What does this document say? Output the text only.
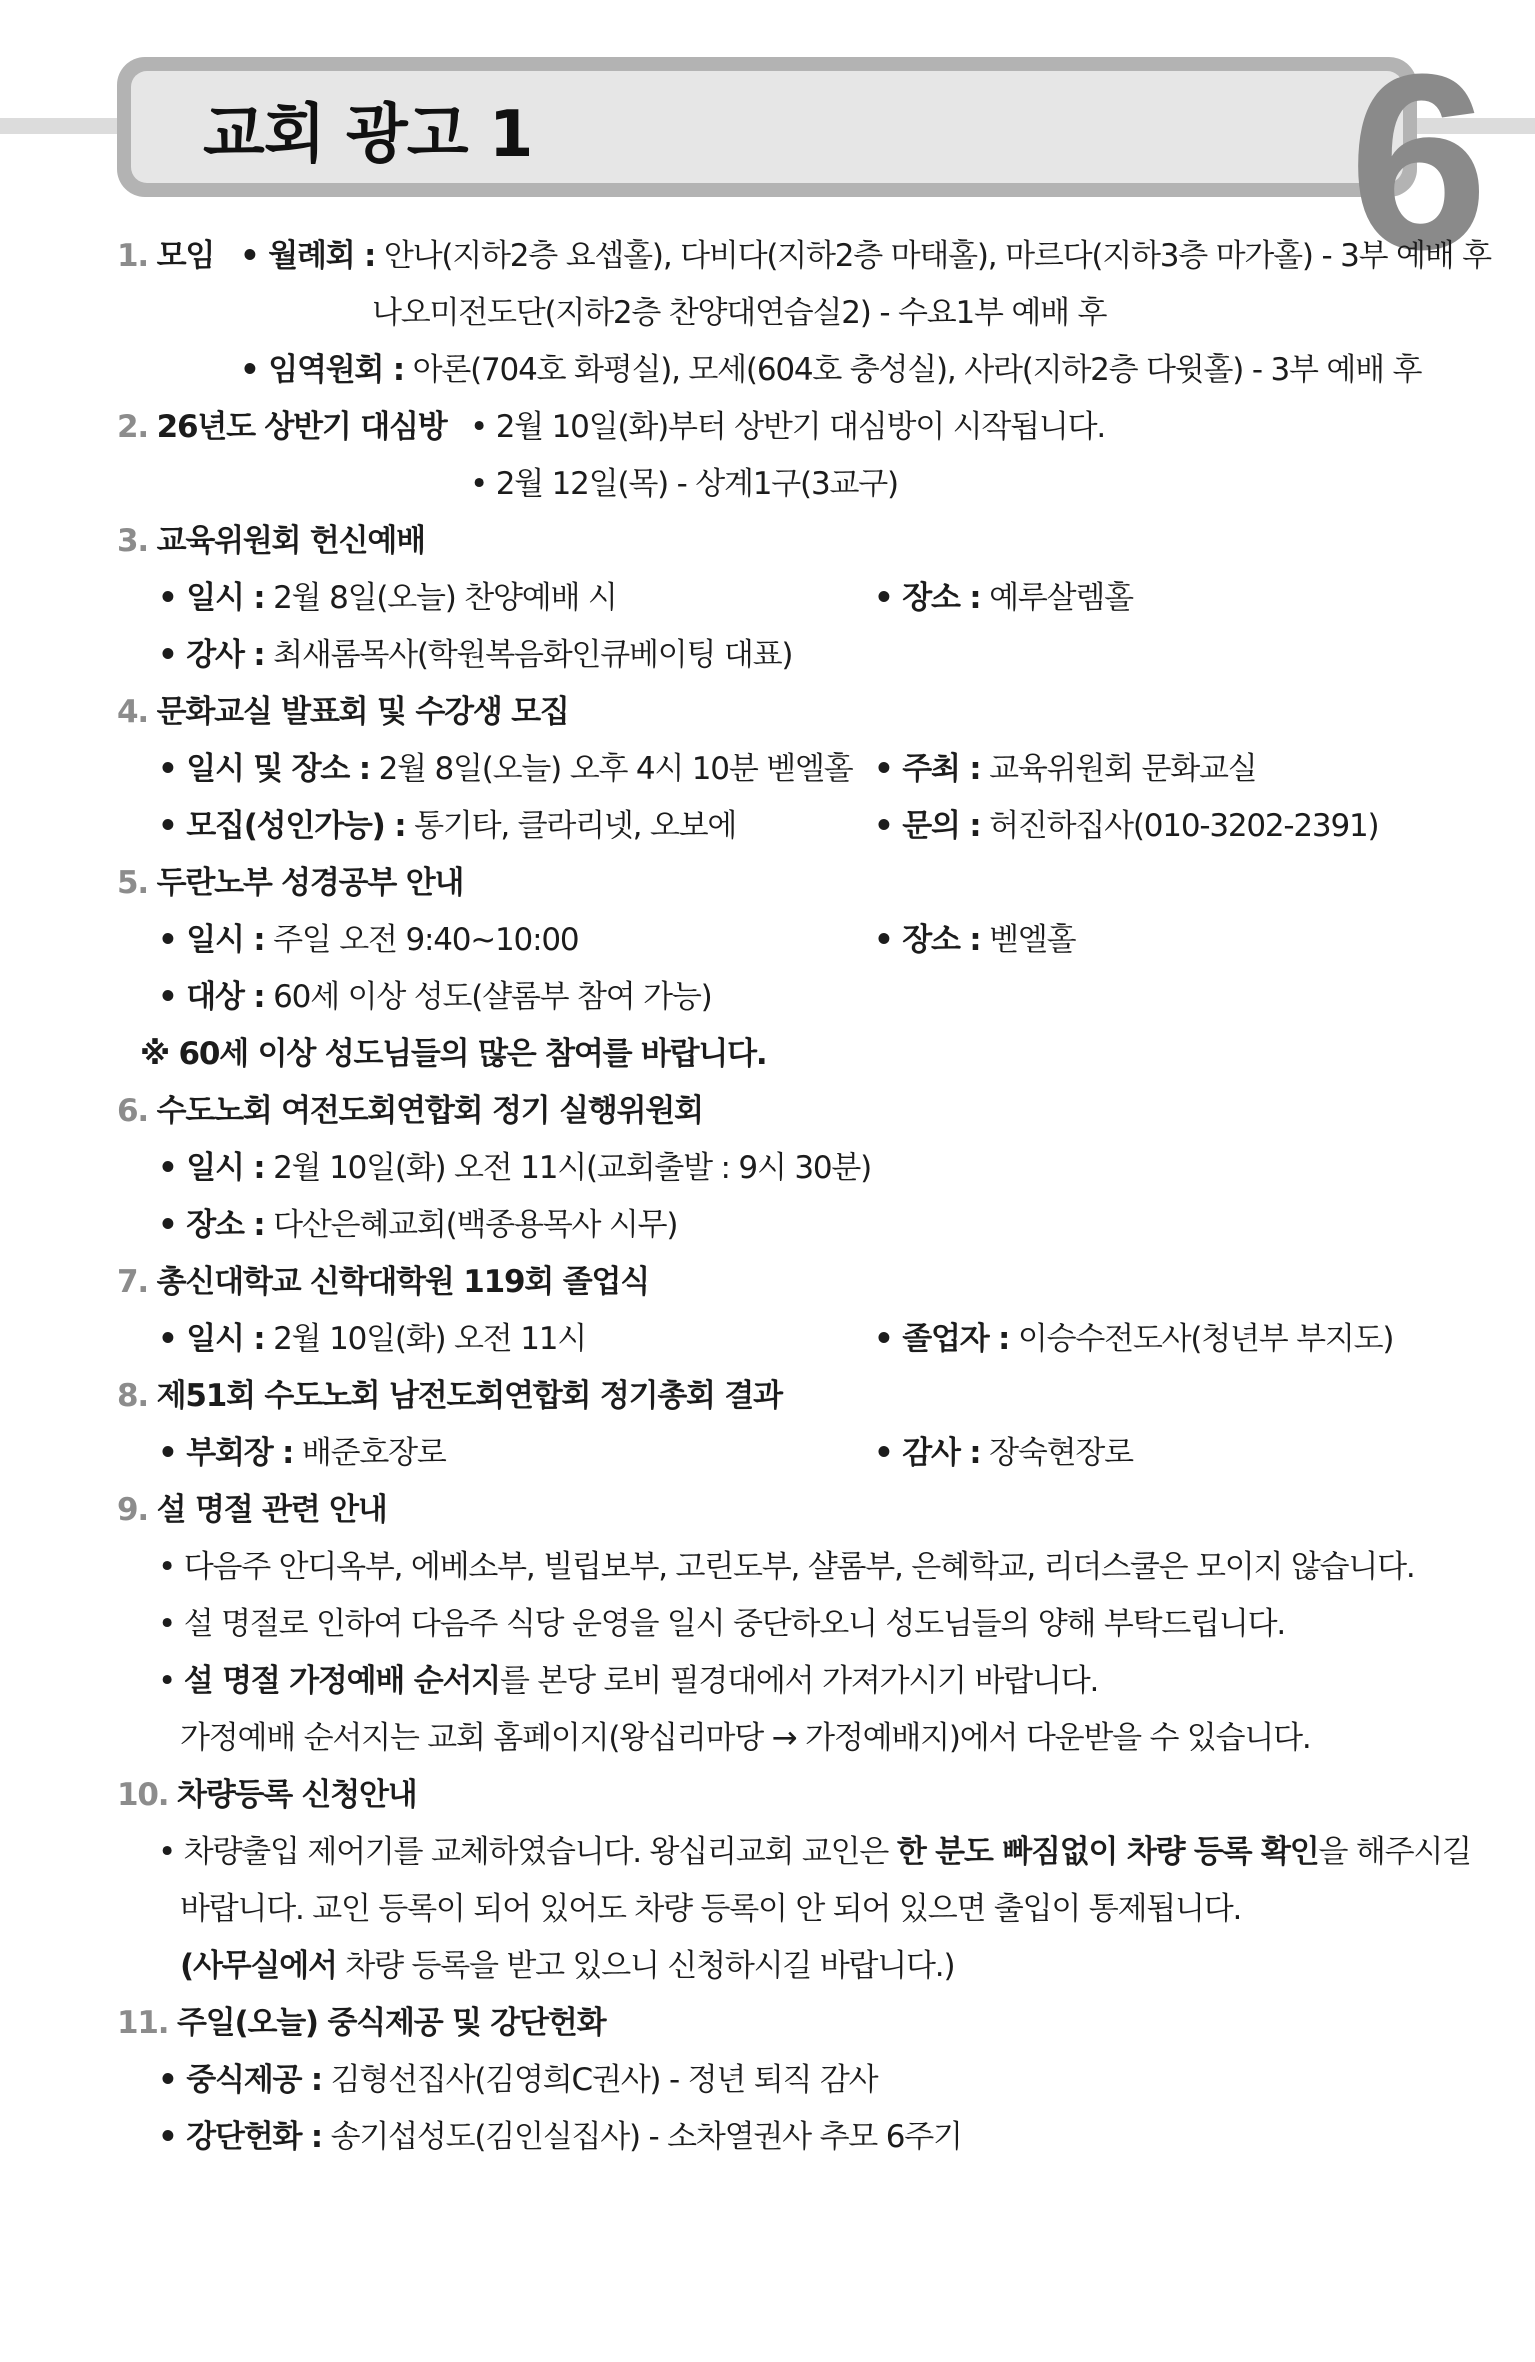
교회 광고 1	6
1. 모임 • 월례회 : 안나(지하2층 요셉홀), 다비다(지하2층 마태홀), 마르다(지하3층 마가홀) - 3부 예배 후
나오미전도단(지하2층 찬양대연습실2) - 수요1부 예배 후
• 임역원회 : 아론(704호 화평실), 모세(604호 충성실), 사라(지하2층 다윗홀) - 3부 예배 후
2. 26년도 상반기 대심방 • 2월 10일(화)부터 상반기 대심방이 시작됩니다.
• 2월 12일(목) - 상계1구(3교구)
3. 교육위원회 헌신예배
• 일시 : 2월 8일(오늘) 찬양예배 시	• 장소 : 예루살렘홀
• 강사 : 최새롬목사(학원복음화인큐베이팅 대표)
4. 문화교실 발표회 및 수강생 모집
• 일시 및 장소 : 2월 8일(오늘) 오후 4시 10분 벧엘홀 • 주최 : 교육위원회 문화교실
• 모집(성인가능) : 통기타, 클라리넷, 오보에	• 문의 : 허진하집사(010-3202-2391)
5. 두란노부 성경공부 안내
• 일시 : 주일 오전 9:40~10:00	• 장소 : 벧엘홀
• 대상 : 60세 이상 성도(샬롬부 참여 가능)
※ 60세 이상 성도님들의 많은 참여를 바랍니다.
6. 수도노회 여전도회연합회 정기 실행위원회
• 일시 : 2월 10일(화) 오전 11시(교회출발 : 9시 30분)
• 장소 : 다산은혜교회(백종용목사 시무)
7. 총신대학교 신학대학원 119회 졸업식
• 일시 : 2월 10일(화) 오전 11시	• 졸업자 : 이승수전도사(청년부 부지도)
8. 제51회 수도노회 남전도회연합회 정기총회 결과
• 부회장 : 배준호장로	• 감사 : 장숙현장로
9. 설 명절 관련 안내
• 다음주 안디옥부, 에베소부, 빌립보부, 고린도부, 샬롬부, 은혜학교, 리더스쿨은 모이지 않습니다.
• 설 명절로 인하여 다음주 식당 운영을 일시 중단하오니 성도님들의 양해 부탁드립니다.
• 설 명절 가정예배 순서지를 본당 로비 필경대에서 가져가시기 바랍니다.
가정예배 순서지는 교회 홈페이지(왕십리마당 → 가정예배지)에서 다운받을 수 있습니다.
10. 차량등록 신청안내
• 차량출입 제어기를 교체하였습니다. 왕십리교회 교인은 한 분도 빠짐없이 차량 등록 확인을 해주시길
바랍니다. 교인 등록이 되어 있어도 차량 등록이 안 되어 있으면 출입이 통제됩니다.
(사무실에서 차량 등록을 받고 있으니 신청하시길 바랍니다.)
11. 주일(오늘) 중식제공 및 강단헌화
• 중식제공 : 김형선집사(김영희C권사) - 정년 퇴직 감사
• 강단헌화 : 송기섭성도(김인실집사) - 소차열권사 추모 6주기
